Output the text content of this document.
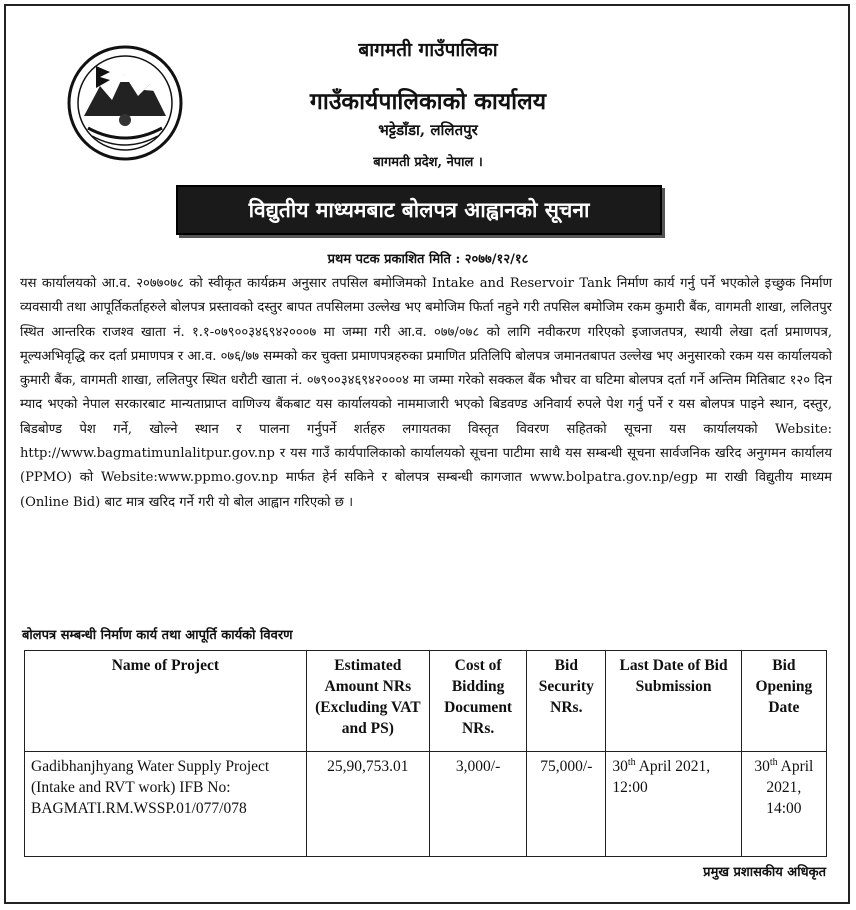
बागमती गाउँपालिका
गाउँकार्यपालिकाको कार्यालय
भट्टेडाँडा, ललितपुर
बागमती प्रदेश, नेपाल ।
विद्युतीय माध्यमबाट बोलपत्र आह्वानको सूचना
प्रथम पटक प्रकाशित मिति : २०७७/१२/१८

यस कार्यालयको आ.व. २०७७०७८ को स्वीकृत कार्यक्रम अनुसार तपसिल बमोजिमको Intake and Reservoir Tank निर्माण कार्य गर्नु पर्ने भएकोले इच्छुक निर्माण व्यवसायी तथा आपूर्तिकर्ताहरुले बोलपत्र प्रस्तावको दस्तुर बापत तपसिलमा उल्लेख भए बमोजिम फिर्ता नहुने गरी तपसिल बमोजिम रकम कुमारी बैंक, वागमती शाखा, ललितपुर स्थित आन्तरिक राजश्व खाता नं. १.१-०७९००३४६९४२०००७ मा जम्मा गरी आ.व. ०७७/०७८ को लागि नवीकरण गरिएको इजाजतपत्र, स्थायी लेखा दर्ता प्रमाणपत्र, मूल्यअभिवृद्धि कर दर्ता प्रमाणपत्र र आ.व. ०७६/७७ सम्मको कर चुक्ता प्रमाणपत्रहरुका प्रमाणित प्रतिलिपि बोलपत्र जमानतबापत उल्लेख भए अनुसारको रकम यस कार्यालयको कुमारी बैंक, वागमती शाखा, ललितपुर स्थित धरौटी खाता नं. ०७९००३४६९४२०००४ मा जम्मा गरेको सक्कल बैंक भौचर वा घटिमा बोलपत्र दर्ता गर्ने अन्तिम मितिबाट १२० दिन म्याद भएको नेपाल सरकारबाट मान्यताप्राप्त वाणिज्य बैंकबाट यस कार्यालयको नाममाजारी भएको बिडवण्ड अनिवार्य रुपले पेश गर्नु पर्ने र यस बोलपत्र पाइने स्थान, दस्तुर, बिडबोण्ड पेश गर्ने, खोल्ने स्थान र पालना गर्नुपर्ने शर्तहरु लगायतका विस्तृत विवरण सहितको सूचना यस कार्यालयको Website: http://www.bagmatimunlalitpur.gov.np र यस गाउँ कार्यपालिकाको कार्यालयको सूचना पाटीमा साथै यस सम्बन्धी सूचना सार्वजनिक खरिद अनुगमन कार्यालय (PPMO) को Website:www.ppmo.gov.np मार्फत हेर्न सकिने र बोलपत्र सम्बन्धी कागजात www.bolpatra.gov.np/egp मा राखी विद्युतीय माध्यम (Online Bid) बाट मात्र खरिद गर्ने गरी यो बोल आह्वान गरिएको छ ।

बोलपत्र सम्बन्धी निर्माण कार्य तथा आपूर्ति कार्यको विवरण
Name of Project	Estimated Amount NRs (Excluding VAT and PS)	Cost of Bidding Document NRs.	Bid Security NRs.	Last Date of Bid Submission	Bid Opening Date
Gadibhanjhyang Water Supply Project (Intake and RVT work) IFB No: BAGMATI.RM.WSSP.01/077/078	25,90,753.01	3,000/-	75,000/-	30th April 2021, 12:00	30th April 2021, 14:00
प्रमुख प्रशासकीय अधिकृत
